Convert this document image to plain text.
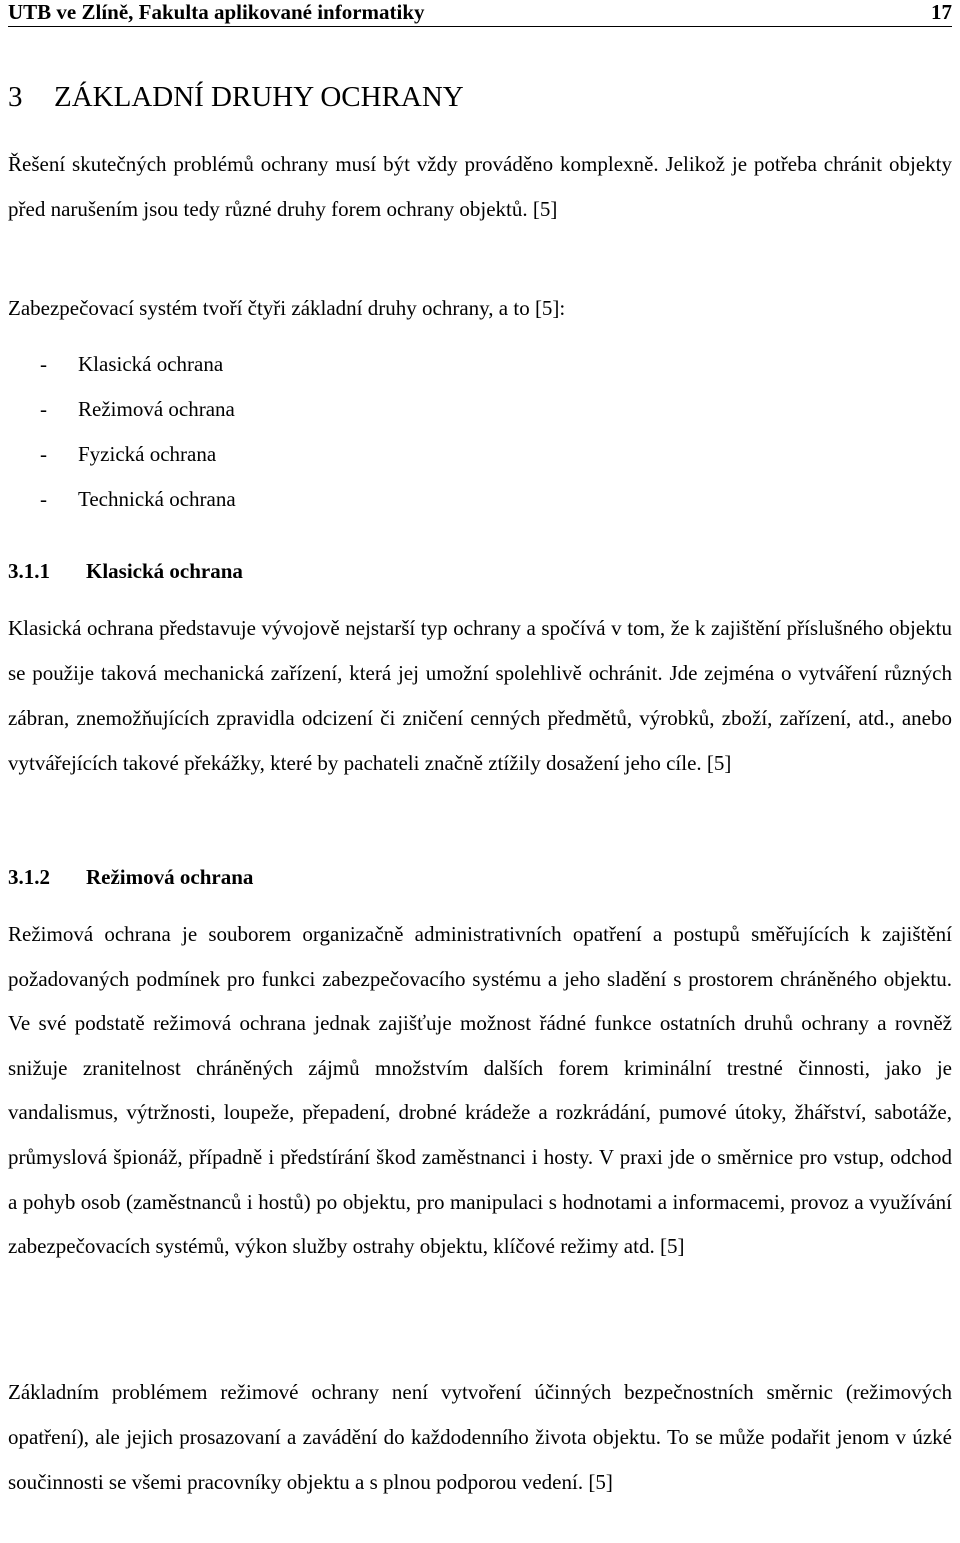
UTB ve Zlíně, Fakulta aplikované informatiky	17
3 ZÁKLADNÍ DRUHY OCHRANY

Řešení skutečných problémů ochrany musí být vždy prováděno komplexně. Jelikož je potřeba chránit objekty před narušením jsou tedy různé druhy forem ochrany objektů. [5]

Zabezpečovací systém tvoří čtyři základní druhy ochrany, a to [5]:

- Klasická ochrana
- Režimová ochrana
- Fyzická ochrana
- Technická ochrana
3.1.1 Klasická ochrana

Klasická ochrana představuje vývojově nejstarší typ ochrany a spočívá v tom, že k zajištění příslušného objektu se použije taková mechanická zařízení, která jej umožní spolehlivě ochránit. Jde zejména o vytváření různých zábran, znemožňujících zpravidla odcizení či zničení cenných předmětů, výrobků, zboží, zařízení, atd., anebo vytvářejících takové překážky, které by pachateli značně ztížily dosažení jeho cíle. [5]

3.1.2 Režimová ochrana

Režimová ochrana je souborem organizačně administrativních opatření a postupů směřujících k zajištění požadovaných podmínek pro funkci zabezpečovacího systému a jeho sladění s prostorem chráněného objektu. Ve své podstatě režimová ochrana jednak zajišťuje možnost řádné funkce ostatních druhů ochrany a rovněž snižuje zranitelnost chráněných zájmů množstvím dalších forem kriminální trestné činnosti, jako je vandalismus, výtržnosti, loupeže, přepadení, drobné krádeže a rozkrádání, pumové útoky, žhářství, sabotáže, průmyslová špionáž, případně i předstírání škod zaměstnanci i hosty. V praxi jde o směrnice pro vstup, odchod a pohyb osob (zaměstnanců i hostů) po objektu, pro manipulaci s hodnotami a informacemi, provoz a využívání zabezpečovacích systémů, výkon služby ostrahy objektu, klíčové režimy atd. [5]

Základním problémem režimové ochrany není vytvoření účinných bezpečnostních směrnic (režimových opatření), ale jejich prosazovaní a zavádění do každodenního života objektu. To se může podařit jenom v úzké součinnosti se všemi pracovníky objektu a s plnou podporou vedení. [5]
